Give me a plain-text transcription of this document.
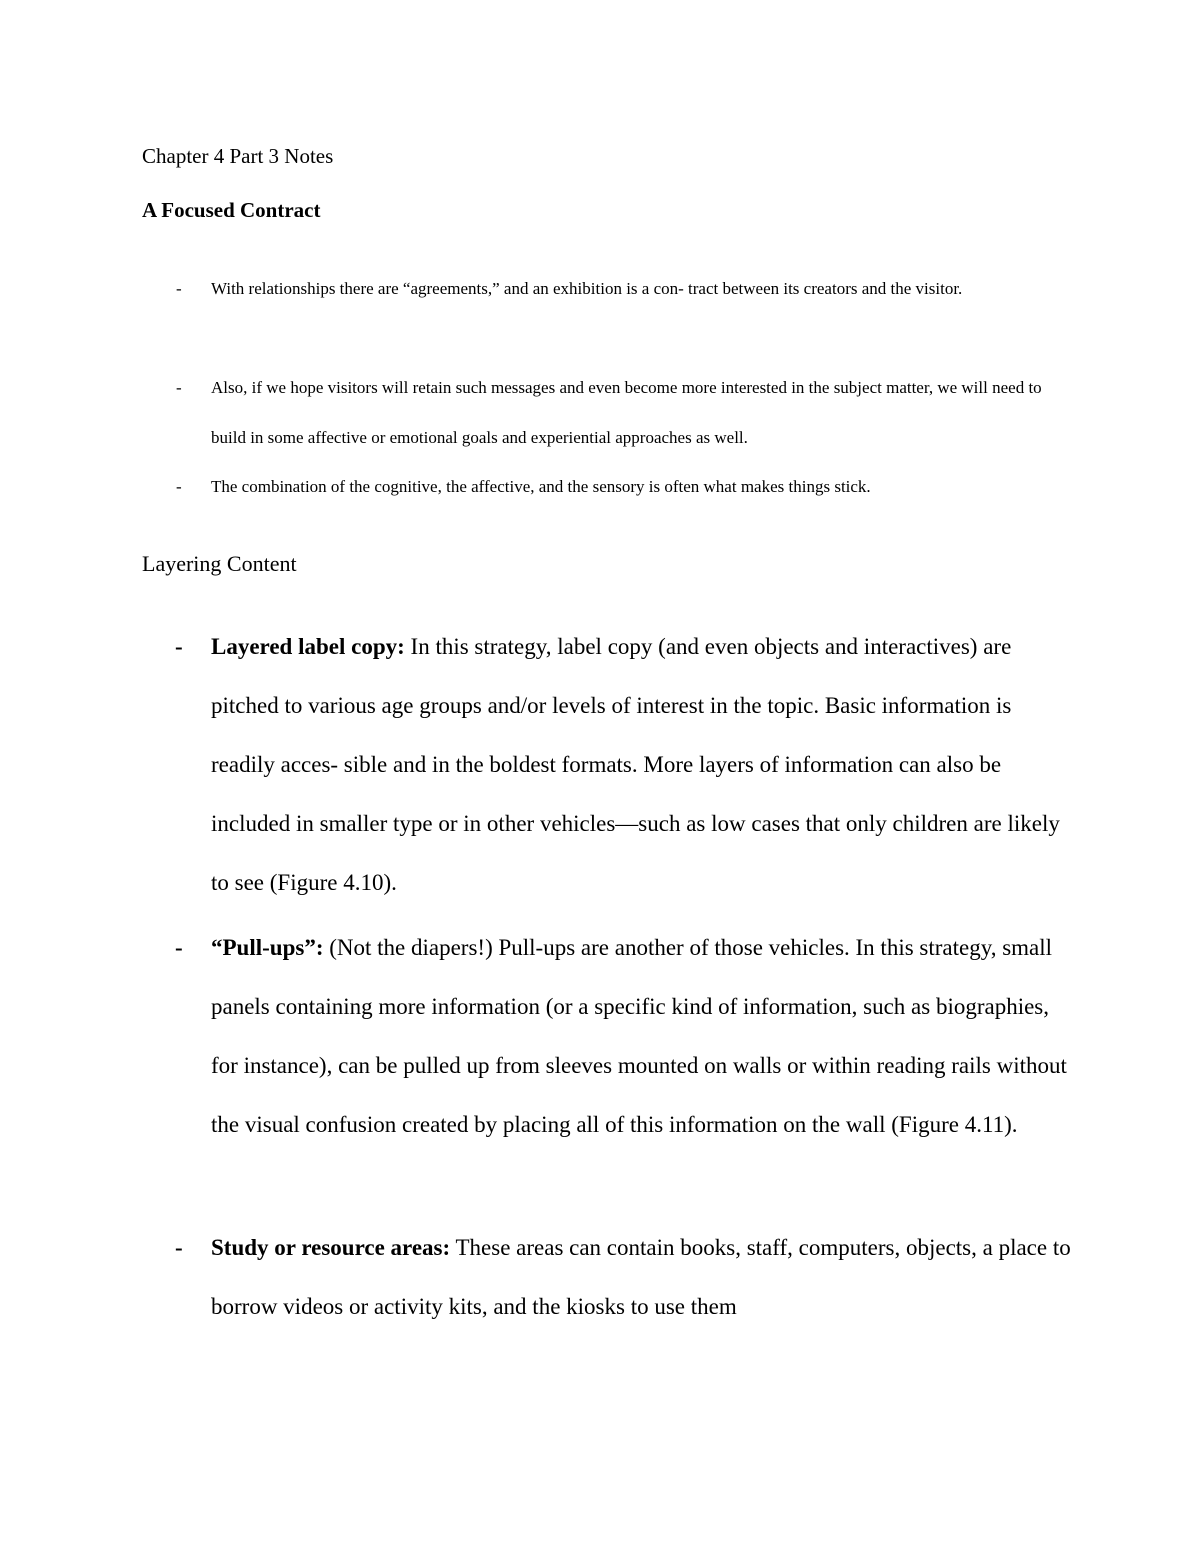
Chapter 4 Part 3 Notes
A Focused Contract
- With relationships there are “agreements,” and an exhibition is a con- tract between its creators and the visitor.
- Also, if we hope visitors will retain such messages and even become more interested in the subject matter, we will need to build in some affective or emotional goals and experiential approaches as well.
- The combination of the cognitive, the affective, and the sensory is often what makes things stick.
Layering Content
- Layered label copy: In this strategy, label copy (and even objects and interactives) are pitched to various age groups and/or levels of interest in the topic. Basic information is readily acces- sible and in the boldest formats. More layers of information can also be included in smaller type or in other vehicles—such as low cases that only children are likely to see (Figure 4.10).
- “Pull-ups”: (Not the diapers!) Pull-ups are another of those vehicles. In this strategy, small panels containing more information (or a specific kind of information, such as biographies, for instance), can be pulled up from sleeves mounted on walls or within reading rails without the visual confusion created by placing all of this information on the wall (Figure 4.11).
- Study or resource areas: These areas can contain books, staff, computers, objects, a place to borrow videos or activity kits, and the kiosks to use them
